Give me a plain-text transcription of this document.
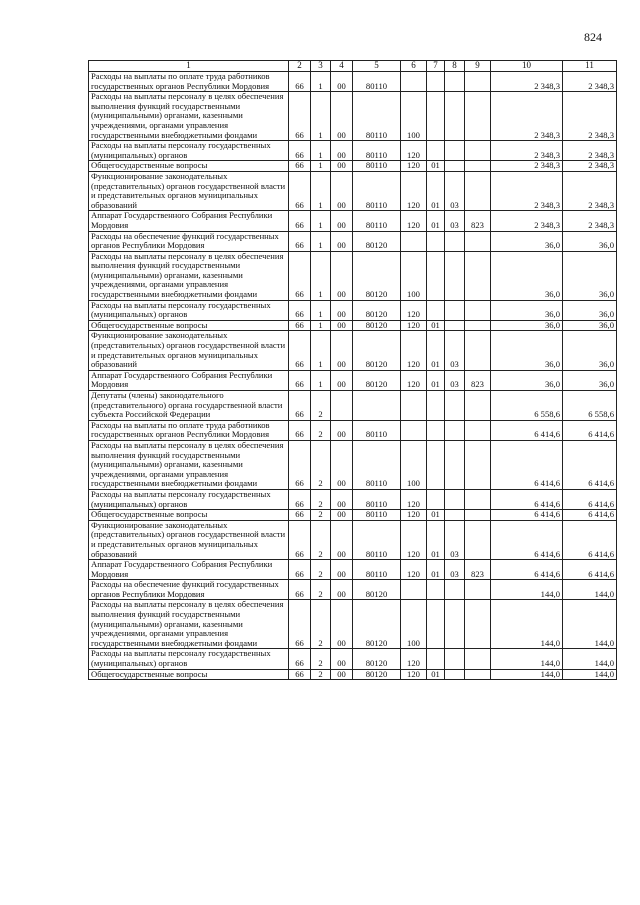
824
1	2	3	4	5	6	7	8	9	10	11
Расходы на выплаты по оплате труда работников государственных органов Республики Мордовия	66	1	00	80110					2 348,3	2 348,3
Расходы на выплаты персоналу в целях обеспечения выполнения функций государственными (муниципальными) органами, казенными учреждениями, органами управления государственными внебюджетными фондами	66	1	00	80110	100				2 348,3	2 348,3
Расходы на выплаты персоналу государственных (муниципальных) органов	66	1	00	80110	120				2 348,3	2 348,3
Общегосударственные вопросы	66	1	00	80110	120	01			2 348,3	2 348,3
Функционирование законодательных (представительных) органов государственной власти и представительных органов муниципальных образований	66	1	00	80110	120	01	03		2 348,3	2 348,3
Аппарат Государственного Собрания Республики Мордовия	66	1	00	80110	120	01	03	823	2 348,3	2 348,3
Расходы на обеспечение функций государственных органов Республики Мордовия	66	1	00	80120					36,0	36,0
Расходы на выплаты персоналу в целях обеспечения выполнения функций государственными (муниципальными) органами, казенными учреждениями, органами управления государственными внебюджетными фондами	66	1	00	80120	100				36,0	36,0
Расходы на выплаты персоналу государственных (муниципальных) органов	66	1	00	80120	120				36,0	36,0
Общегосударственные вопросы	66	1	00	80120	120	01			36,0	36,0
Функционирование законодательных (представительных) органов государственной власти и представительных органов муниципальных образований	66	1	00	80120	120	01	03		36,0	36,0
Аппарат Государственного Собрания Республики Мордовия	66	1	00	80120	120	01	03	823	36,0	36,0
Депутаты (члены) законодательного (представительного) органа государственной власти субъекта Российской Федерации	66	2							6 558,6	6 558,6
Расходы на выплаты по оплате труда работников государственных органов Республики Мордовия	66	2	00	80110					6 414,6	6 414,6
Расходы на выплаты персоналу в целях обеспечения выполнения функций государственными (муниципальными) органами, казенными учреждениями, органами управления государственными внебюджетными фондами	66	2	00	80110	100				6 414,6	6 414,6
Расходы на выплаты персоналу государственных (муниципальных) органов	66	2	00	80110	120				6 414,6	6 414,6
Общегосударственные вопросы	66	2	00	80110	120	01			6 414,6	6 414,6
Функционирование законодательных (представительных) органов государственной власти и представительных органов муниципальных образований	66	2	00	80110	120	01	03		6 414,6	6 414,6
Аппарат Государственного Собрания Республики Мордовия	66	2	00	80110	120	01	03	823	6 414,6	6 414,6
Расходы на обеспечение функций государственных органов Республики Мордовия	66	2	00	80120					144,0	144,0
Расходы на выплаты персоналу в целях обеспечения выполнения функций государственными (муниципальными) органами, казенными учреждениями, органами управления государственными внебюджетными фондами	66	2	00	80120	100				144,0	144,0
Расходы на выплаты персоналу государственных (муниципальных) органов	66	2	00	80120	120				144,0	144,0
Общегосударственные вопросы	66	2	00	80120	120	01			144,0	144,0
